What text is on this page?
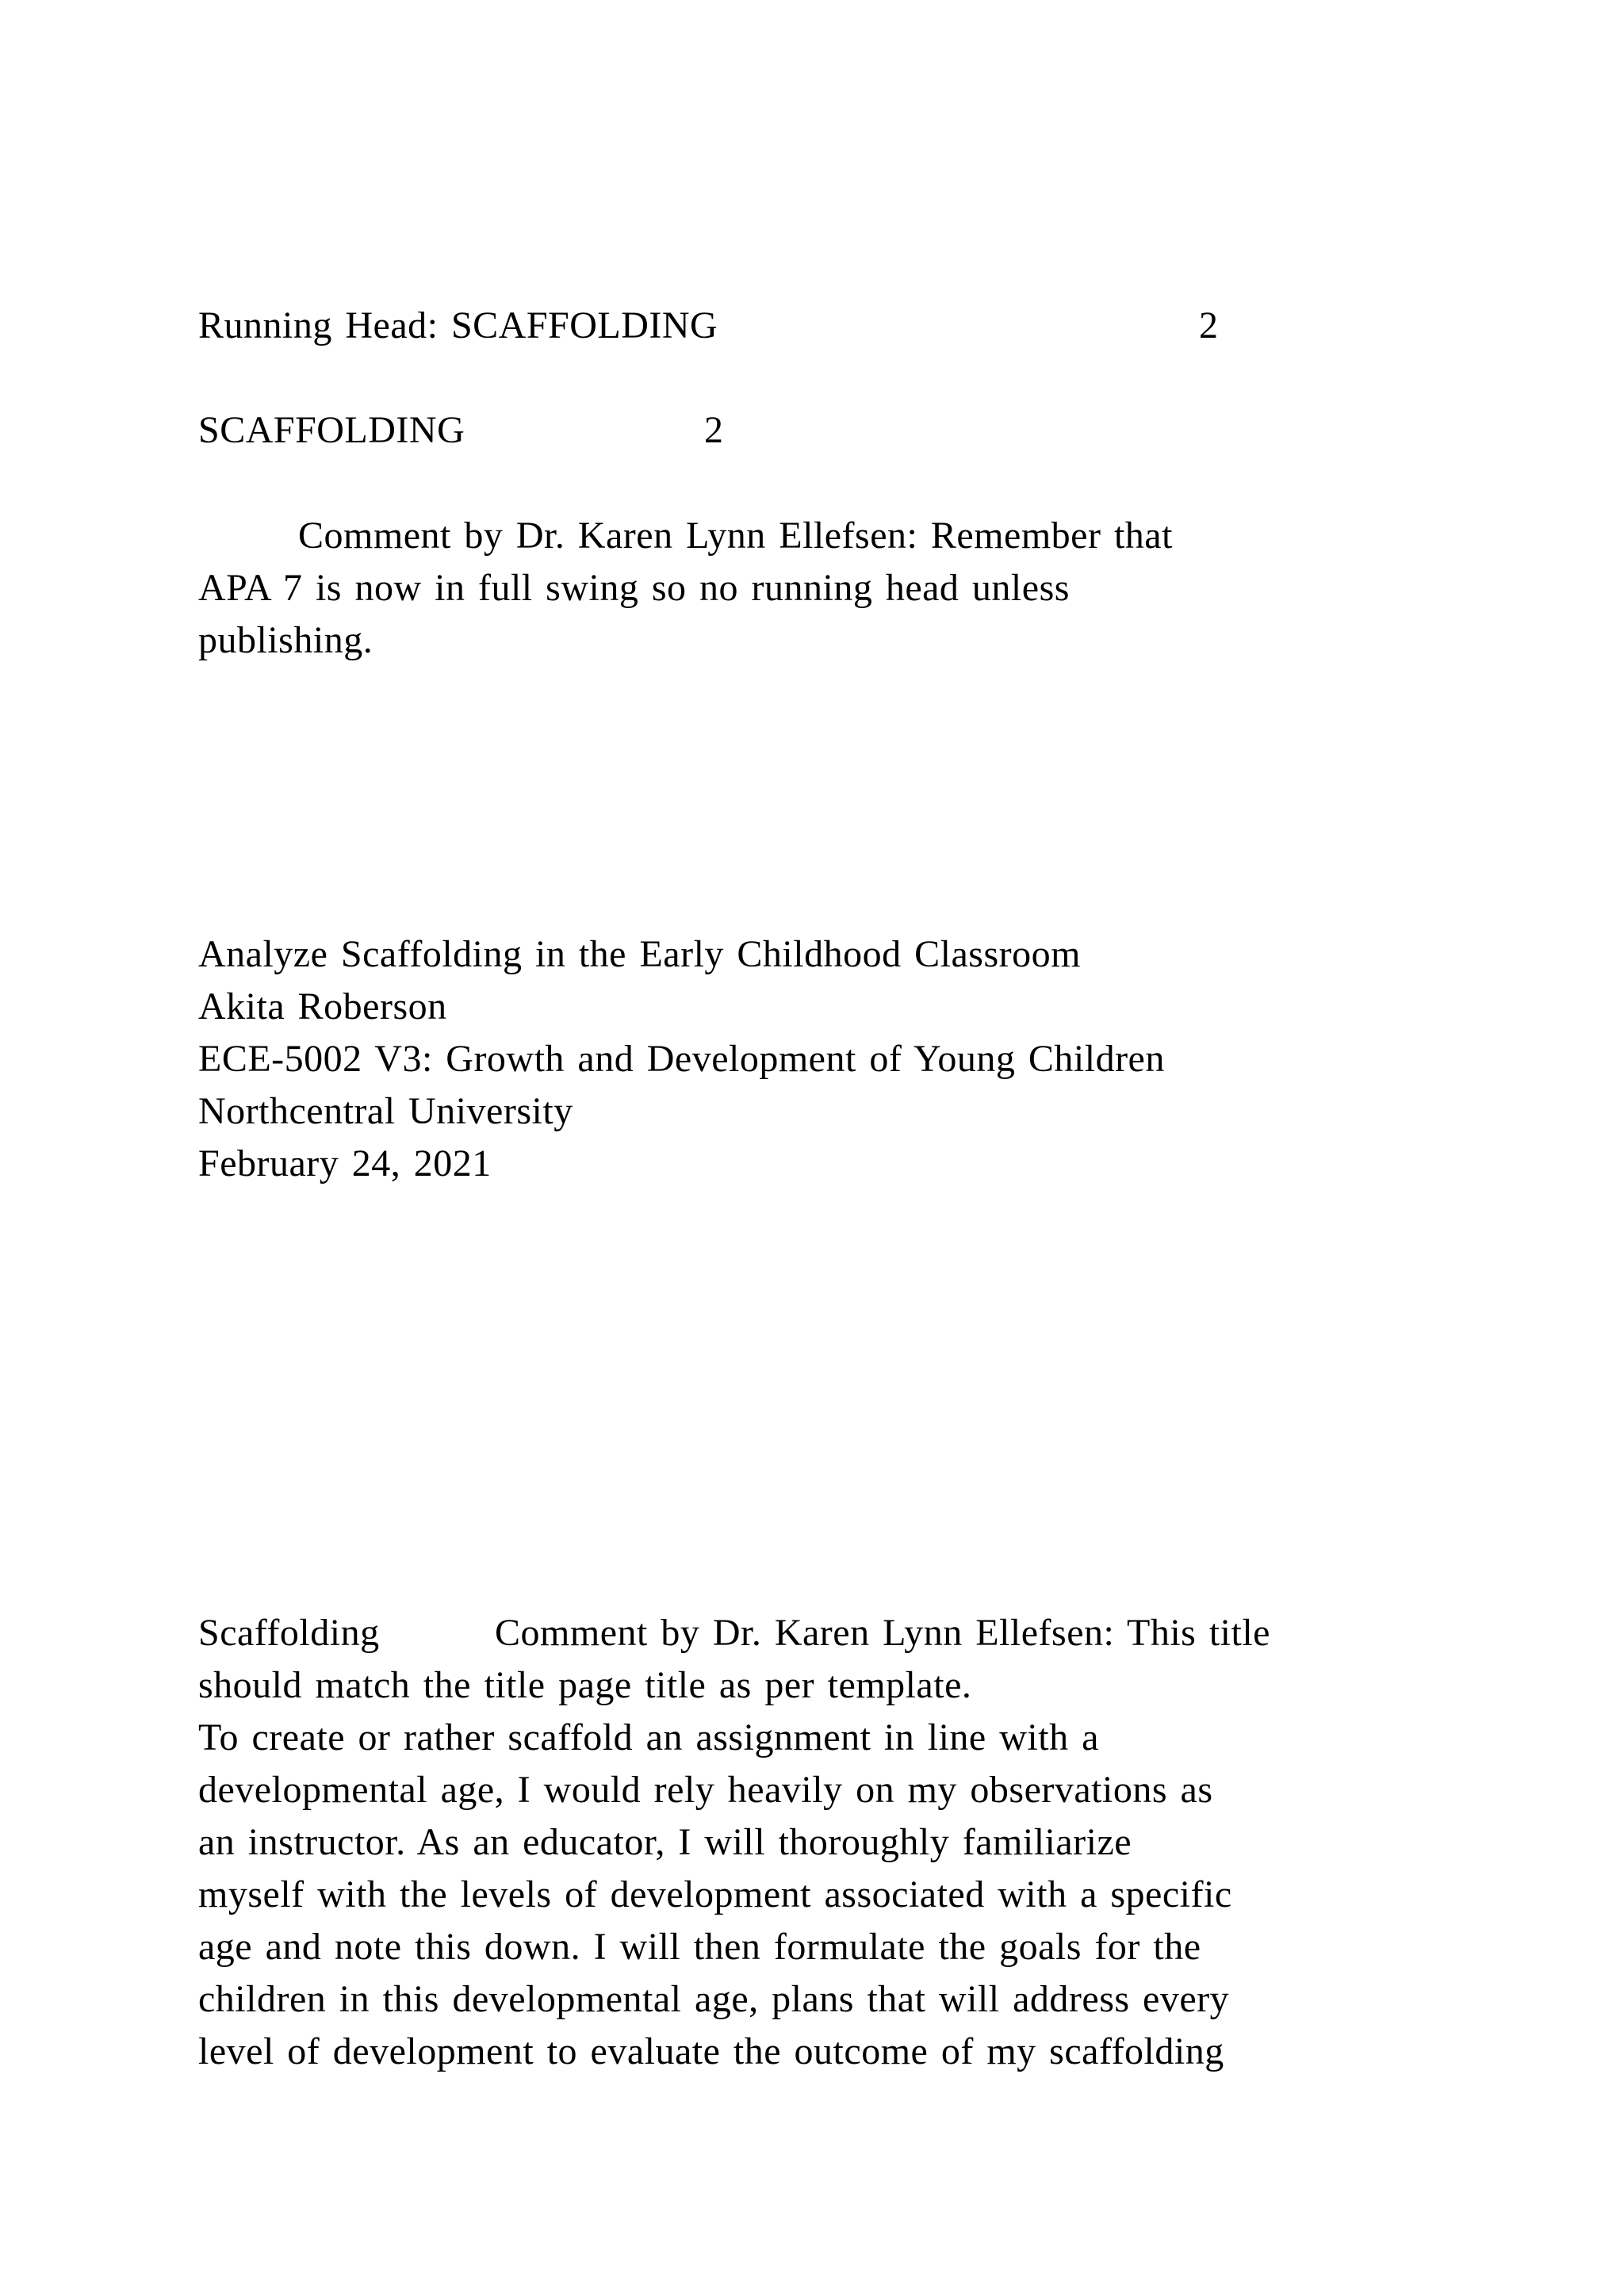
Running Head: SCAFFOLDING	2
SCAFFOLDING	2
Comment by Dr. Karen Lynn Ellefsen: Remember that
APA 7 is now in full swing so no running head unless
publishing.
Analyze Scaffolding in the Early Childhood Classroom
Akita Roberson
ECE-5002 V3: Growth and Development of Young Children
Northcentral University
February 24, 2021
Scaffolding	Comment by Dr. Karen Lynn Ellefsen: This title
should match the title page title as per template.
To create or rather scaffold an assignment in line with a
developmental age, I would rely heavily on my observations as
an instructor. As an educator, I will thoroughly familiarize
myself with the levels of development associated with a specific
age and note this down. I will then formulate the goals for the
children in this developmental age, plans that will address every
level of development to evaluate the outcome of my scaffolding
